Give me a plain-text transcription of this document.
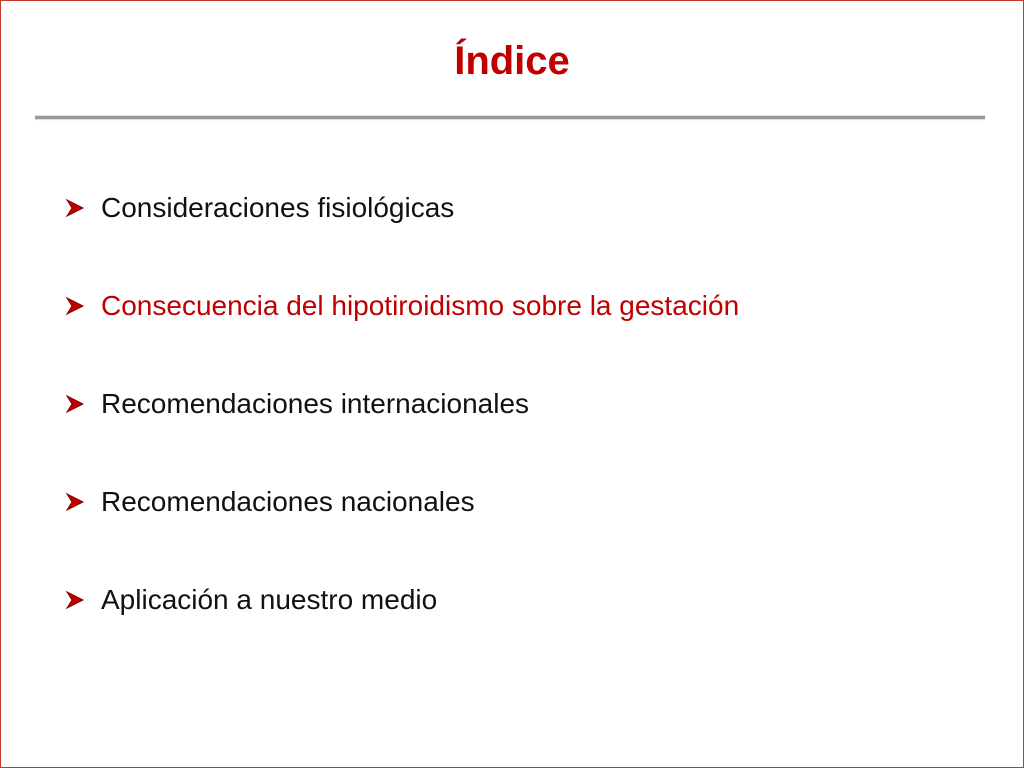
Índice
Consideraciones fisiológicas
Consecuencia del hipotiroidismo sobre la gestación
Recomendaciones internacionales
Recomendaciones nacionales
Aplicación a nuestro medio
